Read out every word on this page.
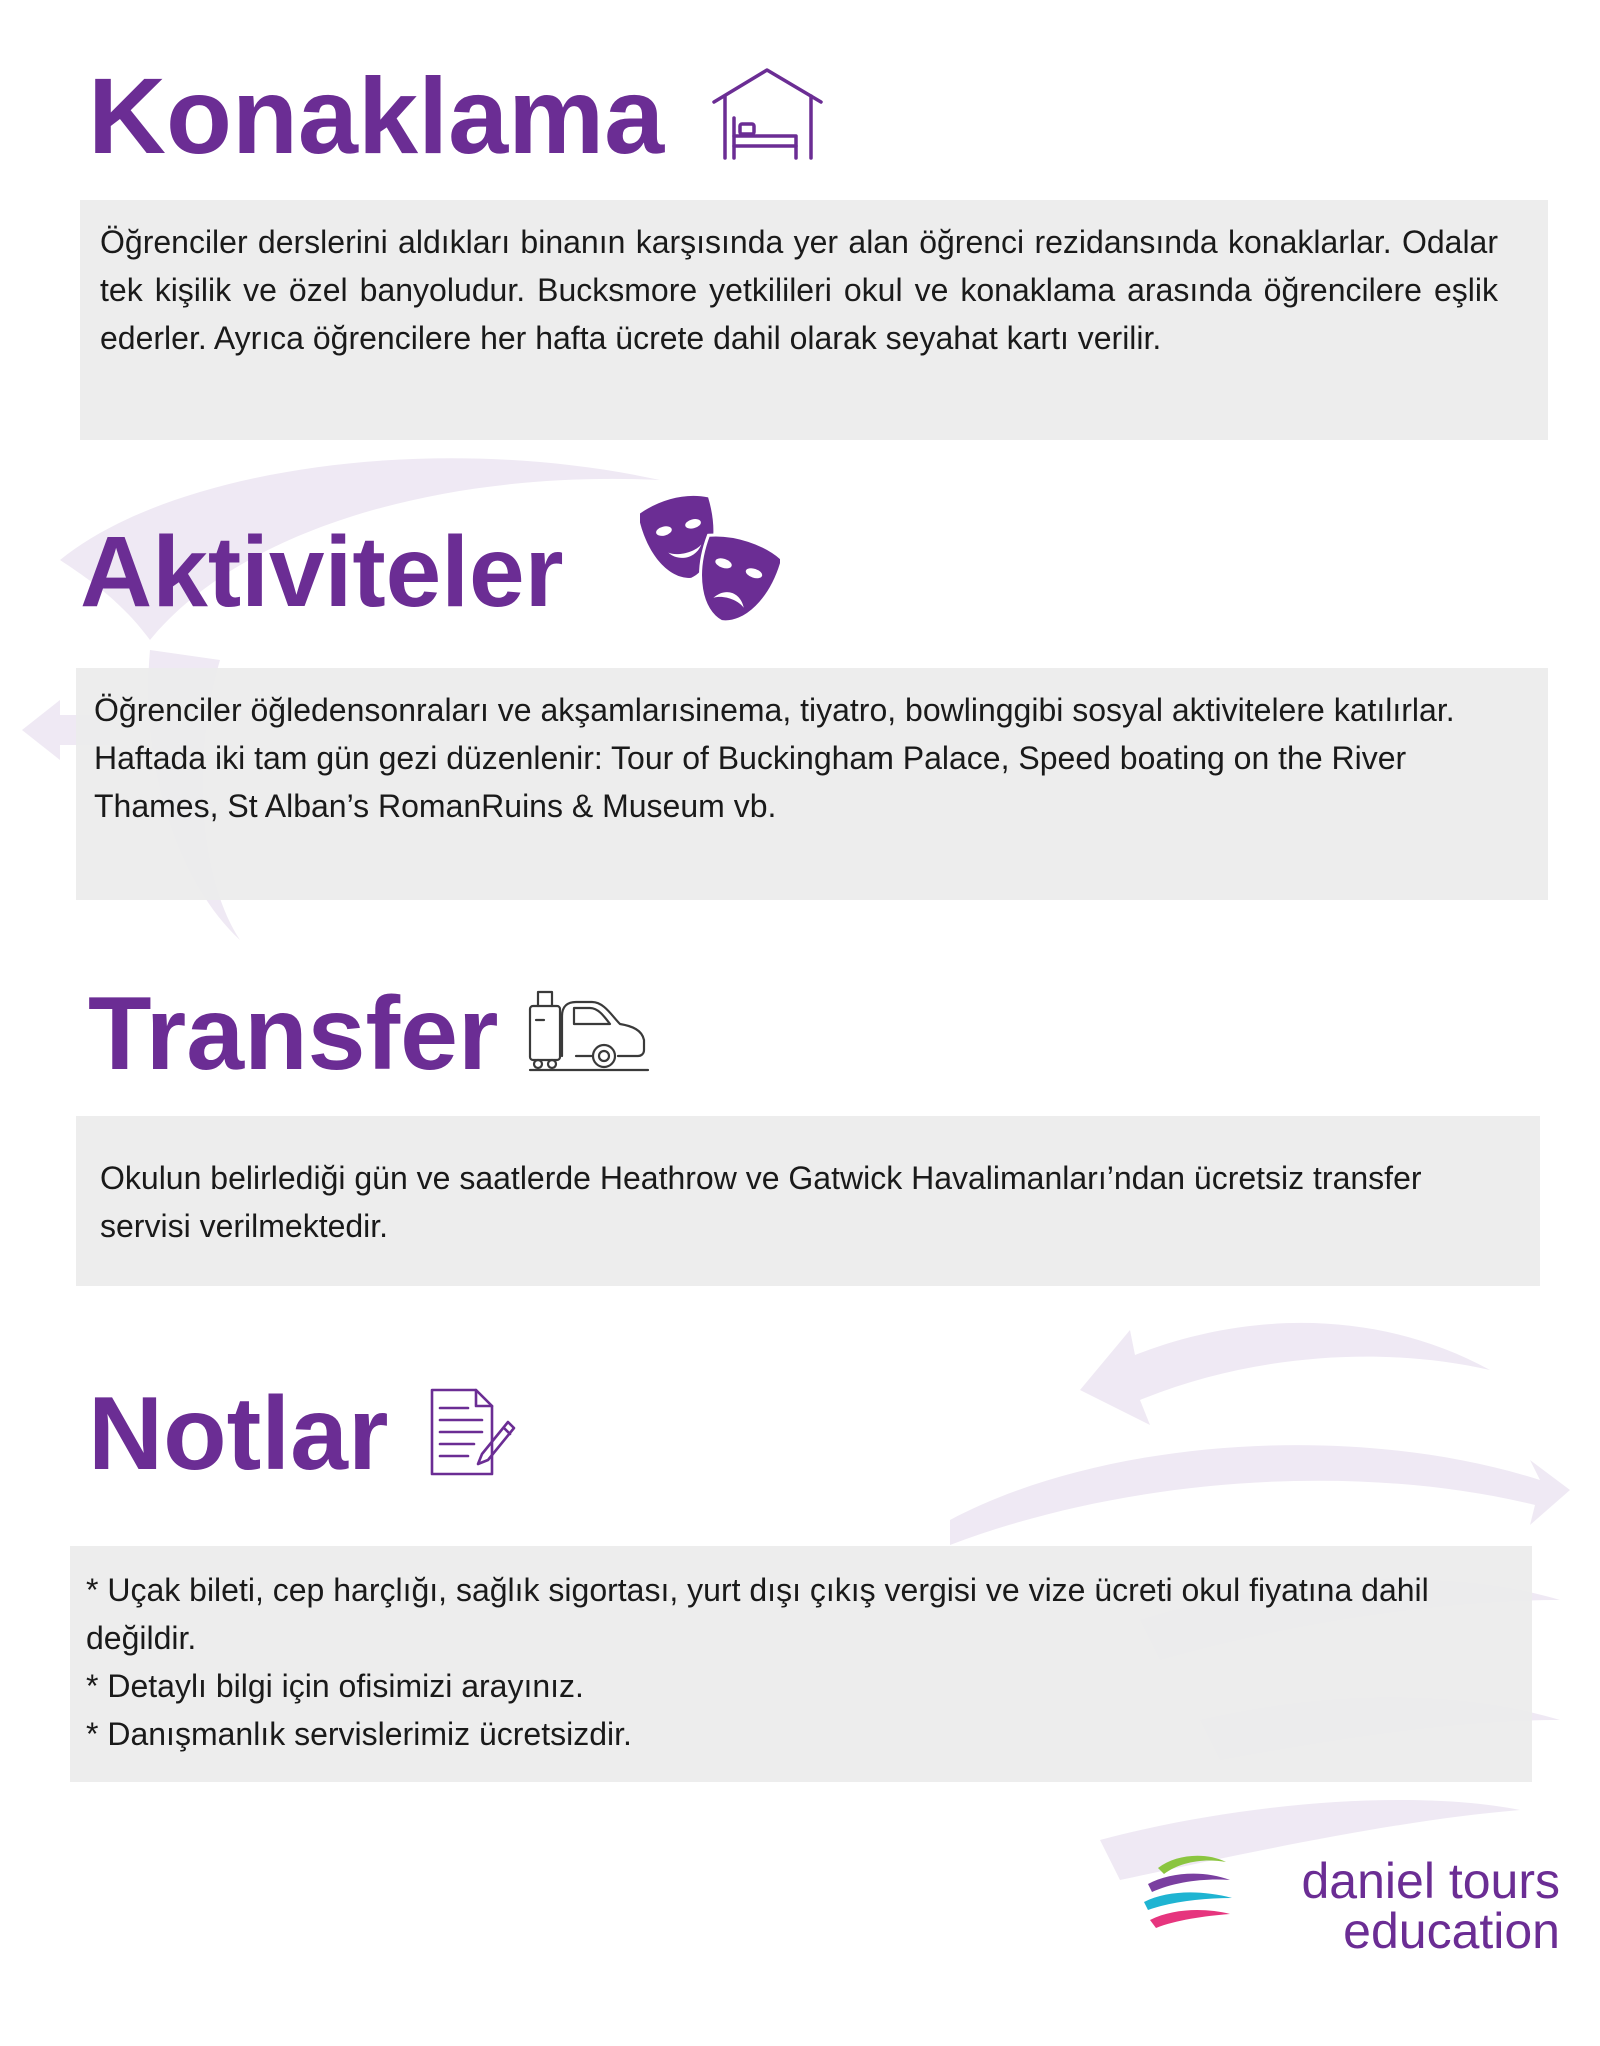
Konaklama

Öğrenciler derslerini aldıkları binanın karşısında yer alan öğrenci rezidansında konaklarlar. Odalar tek kişilik ve özel banyoludur. Bucksmore yetkilileri okul ve konaklama arasında öğrencilere eşlik ederler. Ayrıca öğrencilere her hafta ücrete dahil olarak seyahat kartı verilir.

Aktiviteler

Öğrenciler öğledensonraları ve akşamlarısinema, tiyatro, bowlinggibi sosyal aktivitelere katılırlar.

Haftada iki tam gün gezi düzenlenir: Tour of Buckingham Palace, Speed boating on the River Thames, St Alban’s RomanRuins & Museum vb.

Transfer

Okulun belirlediği gün ve saatlerde Heathrow ve Gatwick Havalimanları’ndan ücretsiz transfer servisi verilmektedir.

Notlar

* Uçak bileti, cep harçlığı, sağlık sigortası, yurt dışı çıkış vergisi ve vize ücreti okul fiyatına dahil değildir.

* Detaylı bilgi için ofisimizi arayınız.

* Danışmanlık servislerimiz ücretsizdir.

daniel tours
education
